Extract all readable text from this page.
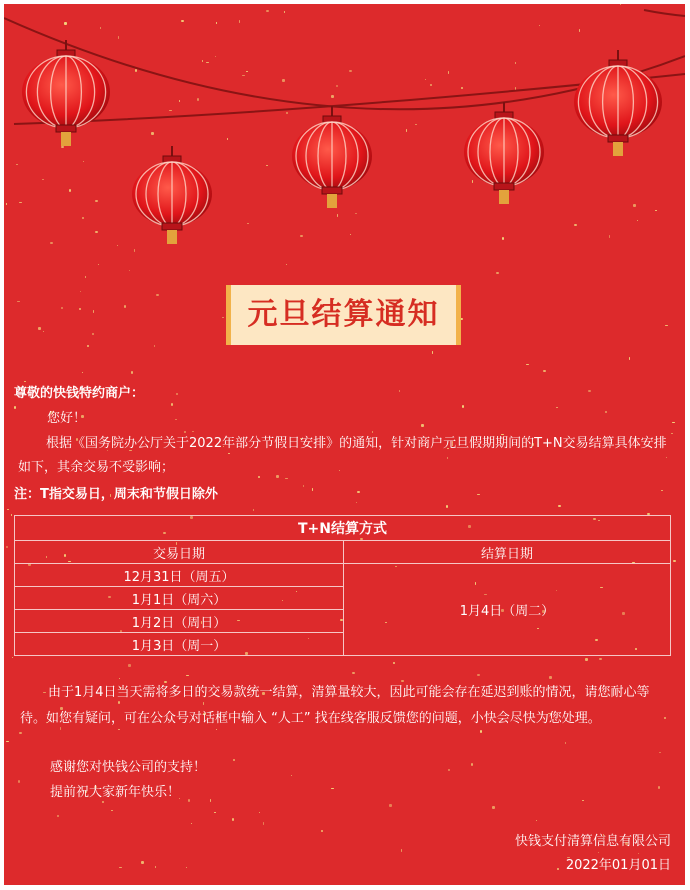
元旦结算通知
尊敬的快钱特约商户：
您好！
根据《国务院办公厅关于2022年部分节假日安排》的通知，针对商户元旦假期期间的T+N交易结算具体安排如下，其余交易不受影响；
注：T指交易日，周末和节假日除外
T+N结算方式	
交易日期	结算日期
12月31日（周五）	1月4日（周二）
1月1日（周六）	
1月2日（周日）	
1月3日（周一）	
由于1月4日当天需将多日的交易款统一结算，清算量较大，因此可能会存在延迟到账的情况，请您耐心等待。如您有疑问，可在公众号对话框中输入 “人工” 找在线客服反馈您的问题，小快会尽快为您处理。
感谢您对快钱公司的支持！
提前祝大家新年快乐！
快钱支付清算信息有限公司
2022年01月01日
